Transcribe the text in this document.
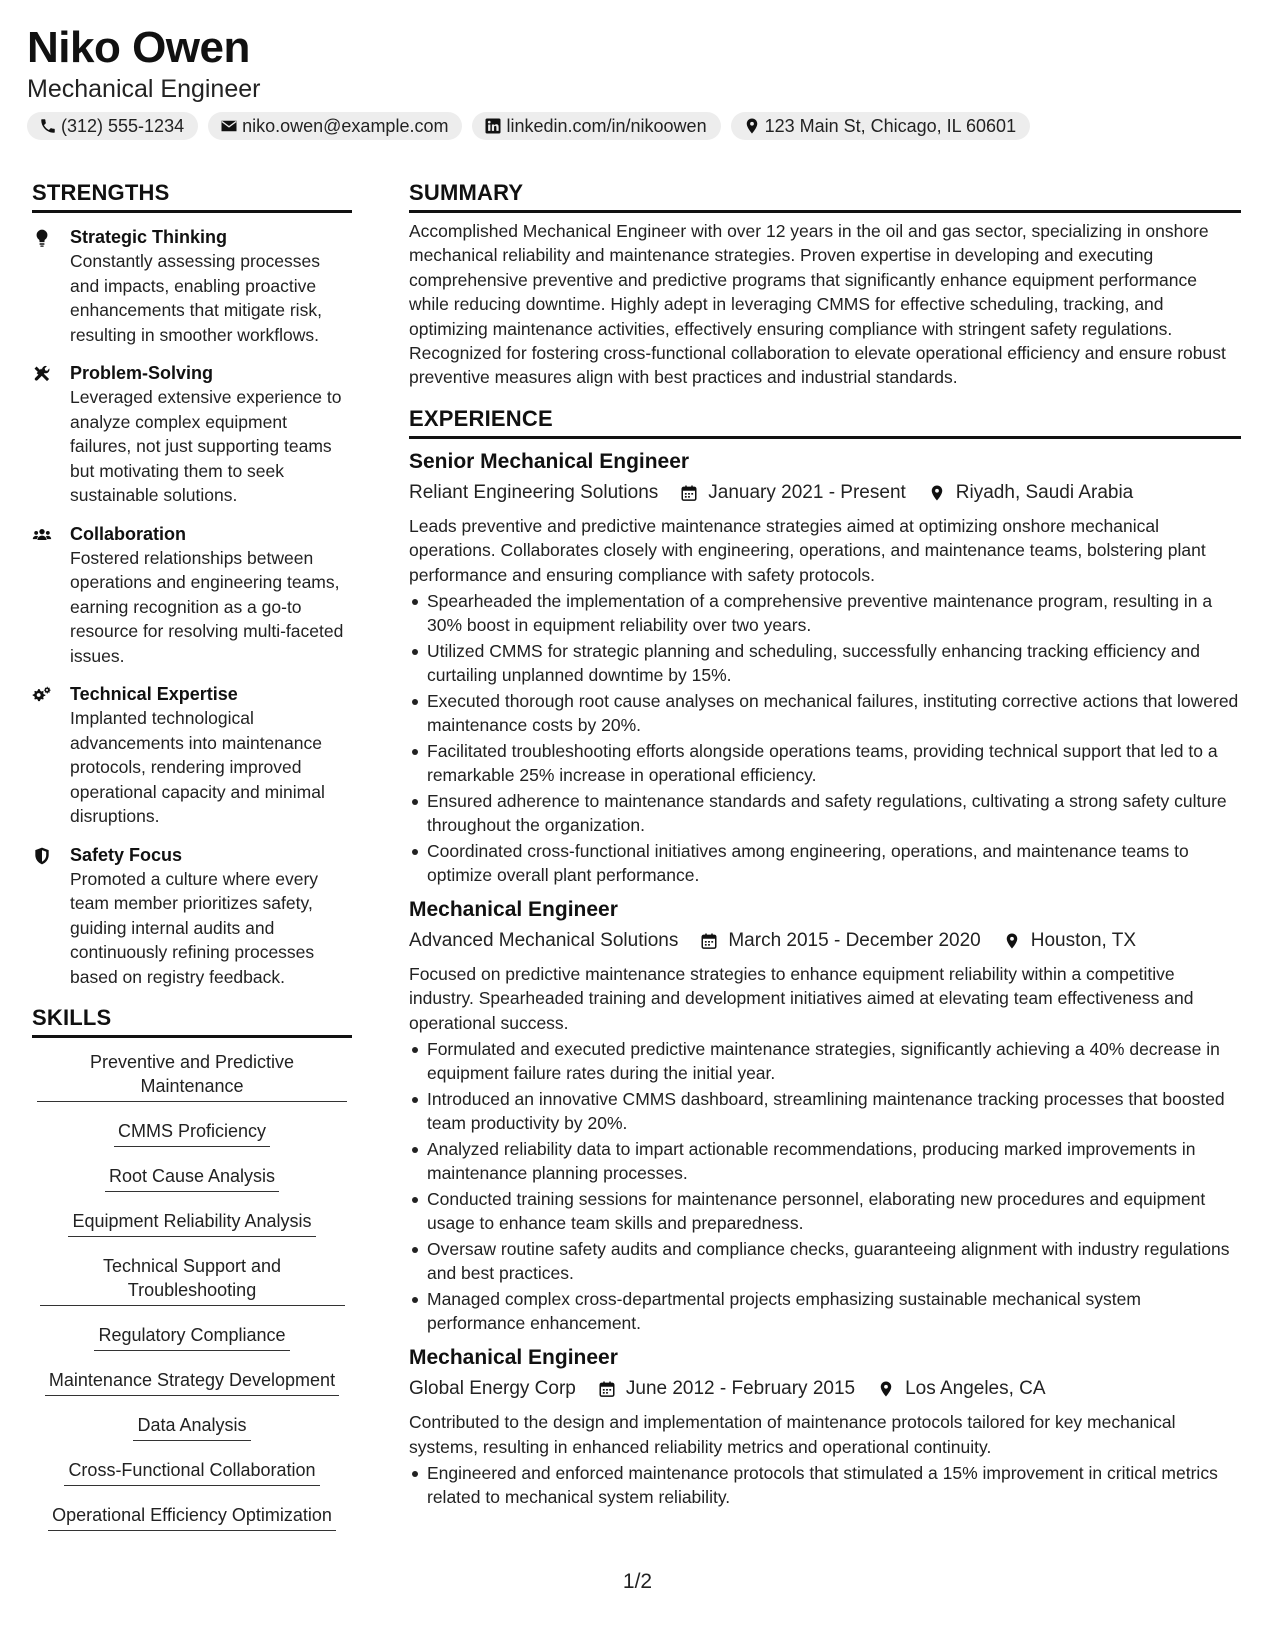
Niko Owen
Mechanical Engineer
(312) 555-1234	niko.owen@example.com	linkedin.com/in/nikoowen	123 Main St, Chicago, IL 60601
STRENGTHS
Strategic Thinking
Constantly assessing processes and impacts, enabling proactive enhancements that mitigate risk, resulting in smoother workflows.
Problem-Solving
Leveraged extensive experience to analyze complex equipment failures, not just supporting teams but motivating them to seek sustainable solutions.
Collaboration
Fostered relationships between operations and engineering teams, earning recognition as a go-to resource for resolving multi-faceted issues.
Technical Expertise
Implanted technological advancements into maintenance protocols, rendering improved operational capacity and minimal disruptions.
Safety Focus
Promoted a culture where every team member prioritizes safety, guiding internal audits and continuously refining processes based on registry feedback.
SKILLS
Preventive and Predictive Maintenance
CMMS Proficiency
Root Cause Analysis
Equipment Reliability Analysis
Technical Support and Troubleshooting
Regulatory Compliance
Maintenance Strategy Development
Data Analysis
Cross-Functional Collaboration
Operational Efficiency Optimization
SUMMARY
Accomplished Mechanical Engineer with over 12 years in the oil and gas sector, specializing in onshore mechanical reliability and maintenance strategies. Proven expertise in developing and executing comprehensive preventive and predictive programs that significantly enhance equipment performance while reducing downtime. Highly adept in leveraging CMMS for effective scheduling, tracking, and optimizing maintenance activities, effectively ensuring compliance with stringent safety regulations. Recognized for fostering cross-functional collaboration to elevate operational efficiency and ensure robust preventive measures align with best practices and industrial standards.
EXPERIENCE
Senior Mechanical Engineer
Reliant Engineering Solutions	January 2021 - Present	Riyadh, Saudi Arabia
Leads preventive and predictive maintenance strategies aimed at optimizing onshore mechanical operations. Collaborates closely with engineering, operations, and maintenance teams, bolstering plant performance and ensuring compliance with safety protocols.
Spearheaded the implementation of a comprehensive preventive maintenance program, resulting in a 30% boost in equipment reliability over two years.
Utilized CMMS for strategic planning and scheduling, successfully enhancing tracking efficiency and curtailing unplanned downtime by 15%.
Executed thorough root cause analyses on mechanical failures, instituting corrective actions that lowered maintenance costs by 20%.
Facilitated troubleshooting efforts alongside operations teams, providing technical support that led to a remarkable 25% increase in operational efficiency.
Ensured adherence to maintenance standards and safety regulations, cultivating a strong safety culture throughout the organization.
Coordinated cross-functional initiatives among engineering, operations, and maintenance teams to optimize overall plant performance.
Mechanical Engineer
Advanced Mechanical Solutions	March 2015 - December 2020	Houston, TX
Focused on predictive maintenance strategies to enhance equipment reliability within a competitive industry. Spearheaded training and development initiatives aimed at elevating team effectiveness and operational success.
Formulated and executed predictive maintenance strategies, significantly achieving a 40% decrease in equipment failure rates during the initial year.
Introduced an innovative CMMS dashboard, streamlining maintenance tracking processes that boosted team productivity by 20%.
Analyzed reliability data to impart actionable recommendations, producing marked improvements in maintenance planning processes.
Conducted training sessions for maintenance personnel, elaborating new procedures and equipment usage to enhance team skills and preparedness.
Oversaw routine safety audits and compliance checks, guaranteeing alignment with industry regulations and best practices.
Managed complex cross-departmental projects emphasizing sustainable mechanical system performance enhancement.
Mechanical Engineer
Global Energy Corp	June 2012 - February 2015	Los Angeles, CA
Contributed to the design and implementation of maintenance protocols tailored for key mechanical systems, resulting in enhanced reliability metrics and operational continuity.
Engineered and enforced maintenance protocols that stimulated a 15% improvement in critical metrics related to mechanical system reliability.
1/2
